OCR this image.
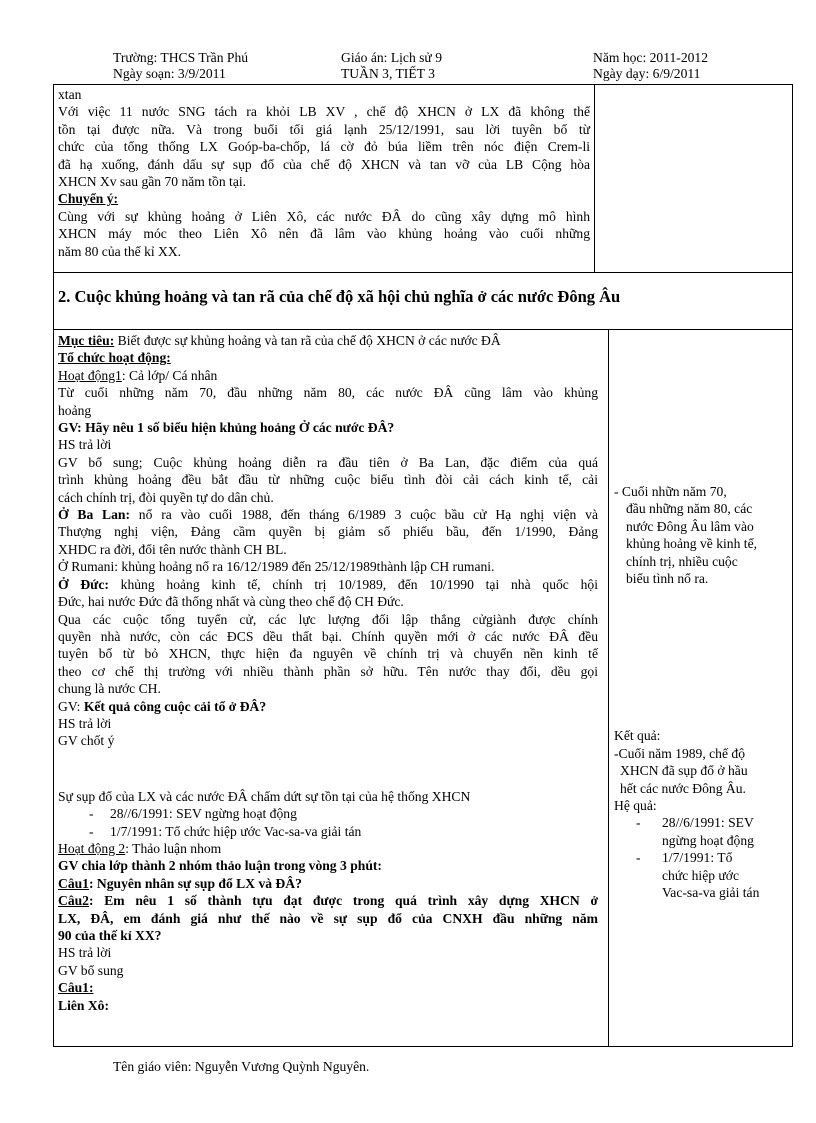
Trường: THCS Trần Phú
Ngày soạn: 3/9/2011
Giáo án: Lịch sử 9
TUẦN 3, TIẾT 3
Năm học: 2011-2012
Ngày dạy: 6/9/2011

xtan

Với việc 11 nước SNG tách ra khỏi LB XV , chế độ XHCN ở LX đã không thể

tồn tại được nữa. Và trong buổi tối giá lạnh 25/12/1991, sau lời tuyên bố từ

chức của tổng thống LX Goóp-ba-chốp, lá cờ đỏ búa liềm trên nóc điện Crem-li

đã hạ xuống, đánh dấu sự sụp đổ của chế độ XHCN và tan vỡ của LB Cộng hòa

XHCN Xv sau gần 70 năm tồn tại.

Chuyển ý:

Cùng với sự khủng hoảng ở Liên Xô, các nước ĐÂ do cũng xây dựng mô hình

XHCN máy móc theo Liên Xô nên đã lâm vào khủng hoảng vào cuối những

năm 80 của thế kỉ XX.

2. Cuộc khủng hoảng và tan rã của chế độ xã hội chủ nghĩa ở các nước Đông Âu

Mục tiêu: Biết được sự khủng hoảng và tan rã của chế độ XHCN ở các nước ĐÂ

Tổ chức hoạt động:

Hoạt động1: Cả lớp/ Cá nhân

Từ cuối những năm 70, đầu những năm 80, các nước ĐÂ cũng lâm vào khủng

hoảng

GV: Hãy nêu 1 số biểu hiện khủng hoảng Ở các nước ĐÂ?

HS trả lời

GV bổ sung; Cuộc khủng hoảng diễn ra đầu tiên ở Ba Lan, đặc điểm của quá

trình khủng hoảng đều bắt đầu từ những cuộc biểu tình đòi cải cách kinh tế, cải

cách chính trị, đòi quyền tự do dân chủ.

Ở Ba Lan: nổ ra vào cuối 1988, đến tháng 6/1989 3 cuộc bầu cử Hạ nghị viện và

Thượng nghị viện, Đảng cầm quyền bị giảm số phiếu bầu, đến 1/1990, Đảng

XHDC ra đời, đổi tên nước thành CH BL.

Ở Rumani: khủng hoảng nổ ra 16/12/1989 đến 25/12/1989thành lập CH rumani.

Ở Đức: khủng hoảng kinh tế, chính trị 10/1989, đến 10/1990 tại nhà quốc hội

Đức, hai nước Đức đã thống nhất và cùng theo chế độ CH Đức.

Qua các cuộc tổng tuyển cử, các lực lượng đối lập thắng cửgiành được chính

quyền nhà nước, còn các ĐCS dều thất bại. Chính quyền mới ở các nước ĐÂ đều

tuyên bố từ bỏ XHCN, thực hiện đa nguyên về chính trị và chuyển nền kinh tế

theo cơ chế thị trường với nhiều thành phần sở hữu. Tên nước thay đổi, dều gọi

chung là nước CH.

GV: Kết quả công cuộc cải tổ ở ĐÂ?

HS trả lời

GV chốt ý

Sự sụp đổ của LX và các nước ĐÂ chấm dứt sự tồn tại của hệ thống XHCN

- 28//6/1991: SEV ngừng hoạt động

- 1/7/1991: Tổ chức hiệp ước Vac-sa-va giải tán

Hoạt động 2: Thảo luận nhom

GV chia lớp thành 2 nhóm thảo luận trong vòng 3 phút:

Câu1: Nguyên nhân sự sụp đổ LX và ĐÂ?

Câu2: Em nêu 1 số thành tựu đạt được trong quá trình xây dựng XHCN ở

LX, ĐÂ, em đánh giá như thế nào về sự sụp đổ của CNXH đầu những năm

90 của thế kỉ XX?

HS trả lời

GV bổ sung

Câu1:

Liên Xô:

- Cuối nhữn năm 70,

đầu những năm 80, các

nước Đông Âu lâm vào

khủng hoảng về kinh tế,

chính trị, nhiều cuộc

biểu tình nổ ra.

Kết quả:

-Cuối năm 1989, chế độ

XHCN đã sụp đổ ở hầu

hết các nước Đông Âu.

Hệ quả:

- 28//6/1991: SEV

ngừng hoạt động

- 1/7/1991: Tổ

chức hiệp ước

Vac-sa-va giải tán

Tên giáo viên: Nguyễn Vương Quỳnh Nguyên.
